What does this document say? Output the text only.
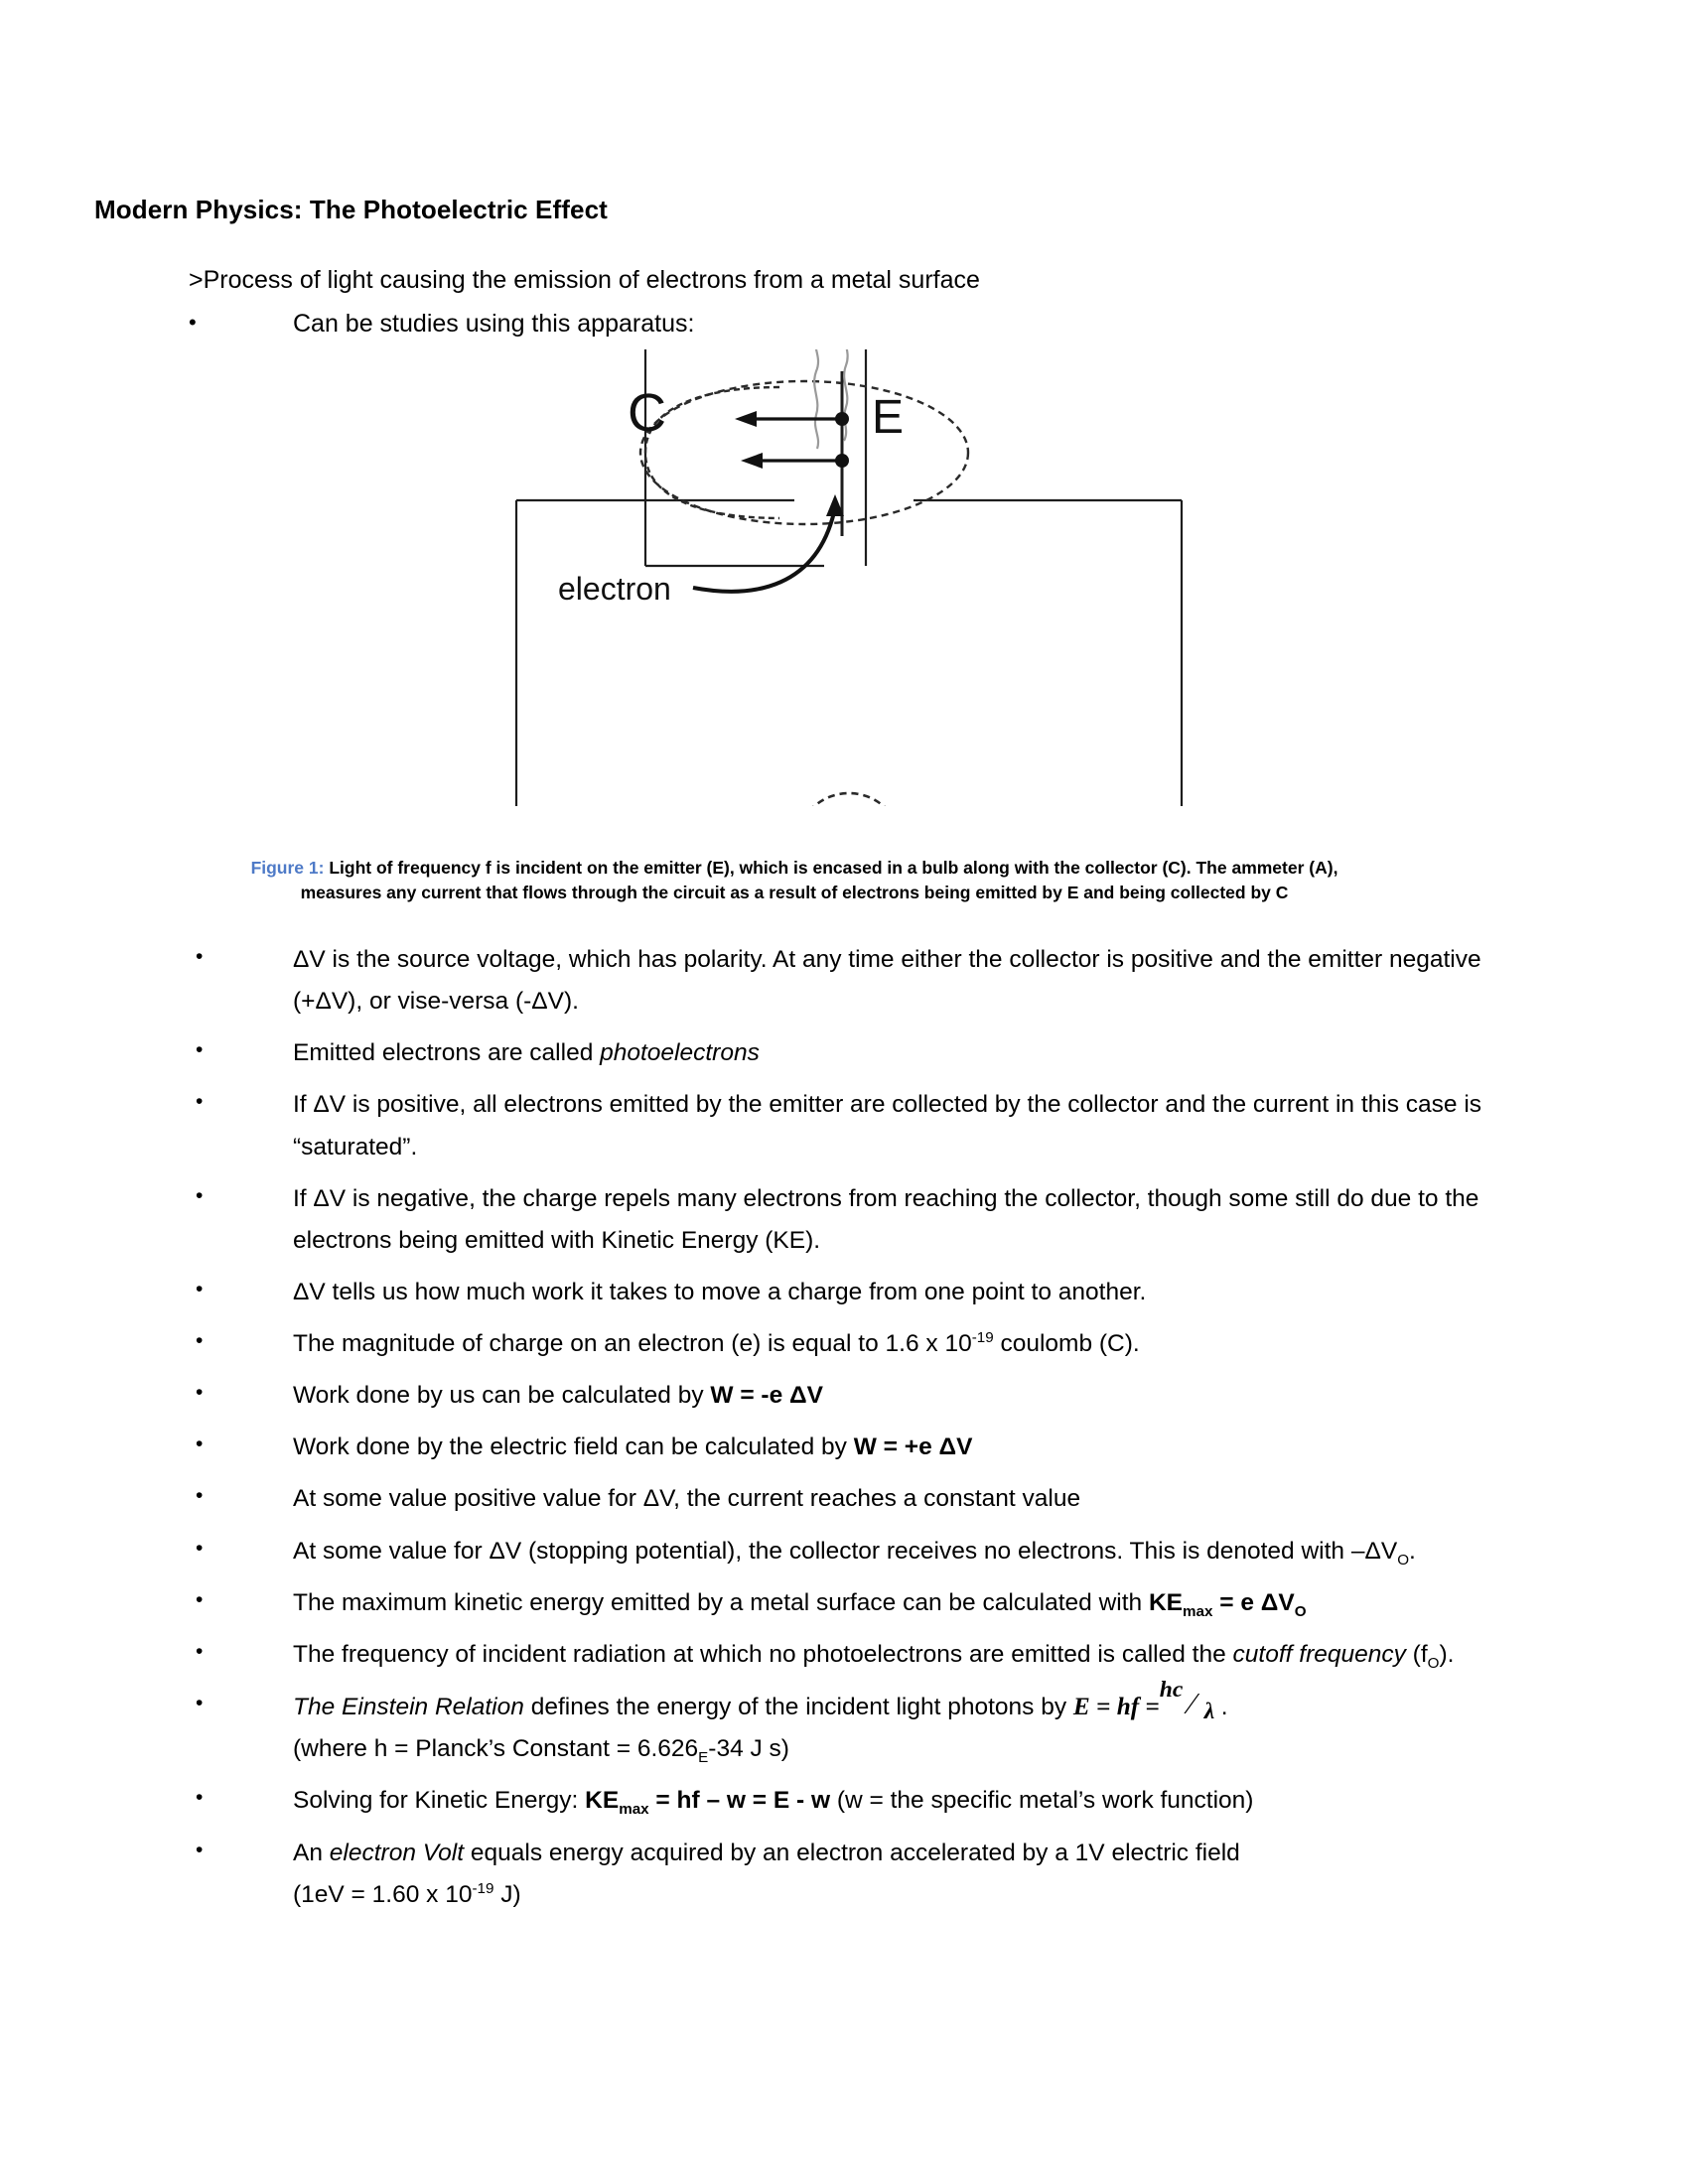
Modern Physics: The Photoelectric Effect
>Process of light causing the emission of electrons from a metal surface
•	Can be studies using this apparatus:
C	E
electron
Figure 1: Light of frequency f is incident on the emitter (E), which is encased in a bulb along with the collector (C). The ammeter (A),
measures any current that flows through the circuit as a result of electrons being emitted by E and being collected by C
•	ΔV is the source voltage, which has polarity. At any time either the collector is positive and the emitter negative (+ΔV), or vise-versa (-ΔV).
•	Emitted electrons are called photoelectrons
•	If ΔV is positive, all electrons emitted by the emitter are collected by the collector and the current in this case is “saturated”.
•	If ΔV is negative, the charge repels many electrons from reaching the collector, though some still do due to the electrons being emitted with Kinetic Energy (KE).
•	ΔV tells us how much work it takes to move a charge from one point to another.
•	The magnitude of charge on an electron (e) is equal to 1.6 x $10^{-19}$ coulomb (C).
•	Work done by us can be calculated by W = -e ΔV
•	Work done by the electric field can be calculated by W = +e ΔV
•	At some value positive value for ΔV, the current reaches a constant value
•	At some value for ΔV (stopping potential), the collector receives no electrons. This is denoted with $-\Delta V_O$.
•	The maximum kinetic energy emitted by a metal surface can be calculated with $KE_{max} = e$ $\Delta V_O$
•	The frequency of incident radiation at which no photoelectrons are emitted is called the cutoff frequency $(f_O)$.
•	The Einstein Relation defines the energy of the incident light photons by E = hf =
hc ⁄ λ .
(where h = Planck’s Constant = $6.626_E-34$ J s)
•	Solving for Kinetic Energy: $KE_{max}$ = hf – w = E - w (w = the specific metal’s work function)
•	An electron Volt equals energy acquired by an electron accelerated by a 1V electric field
(1eV = 1.60 x $10^{-19}$ J)
